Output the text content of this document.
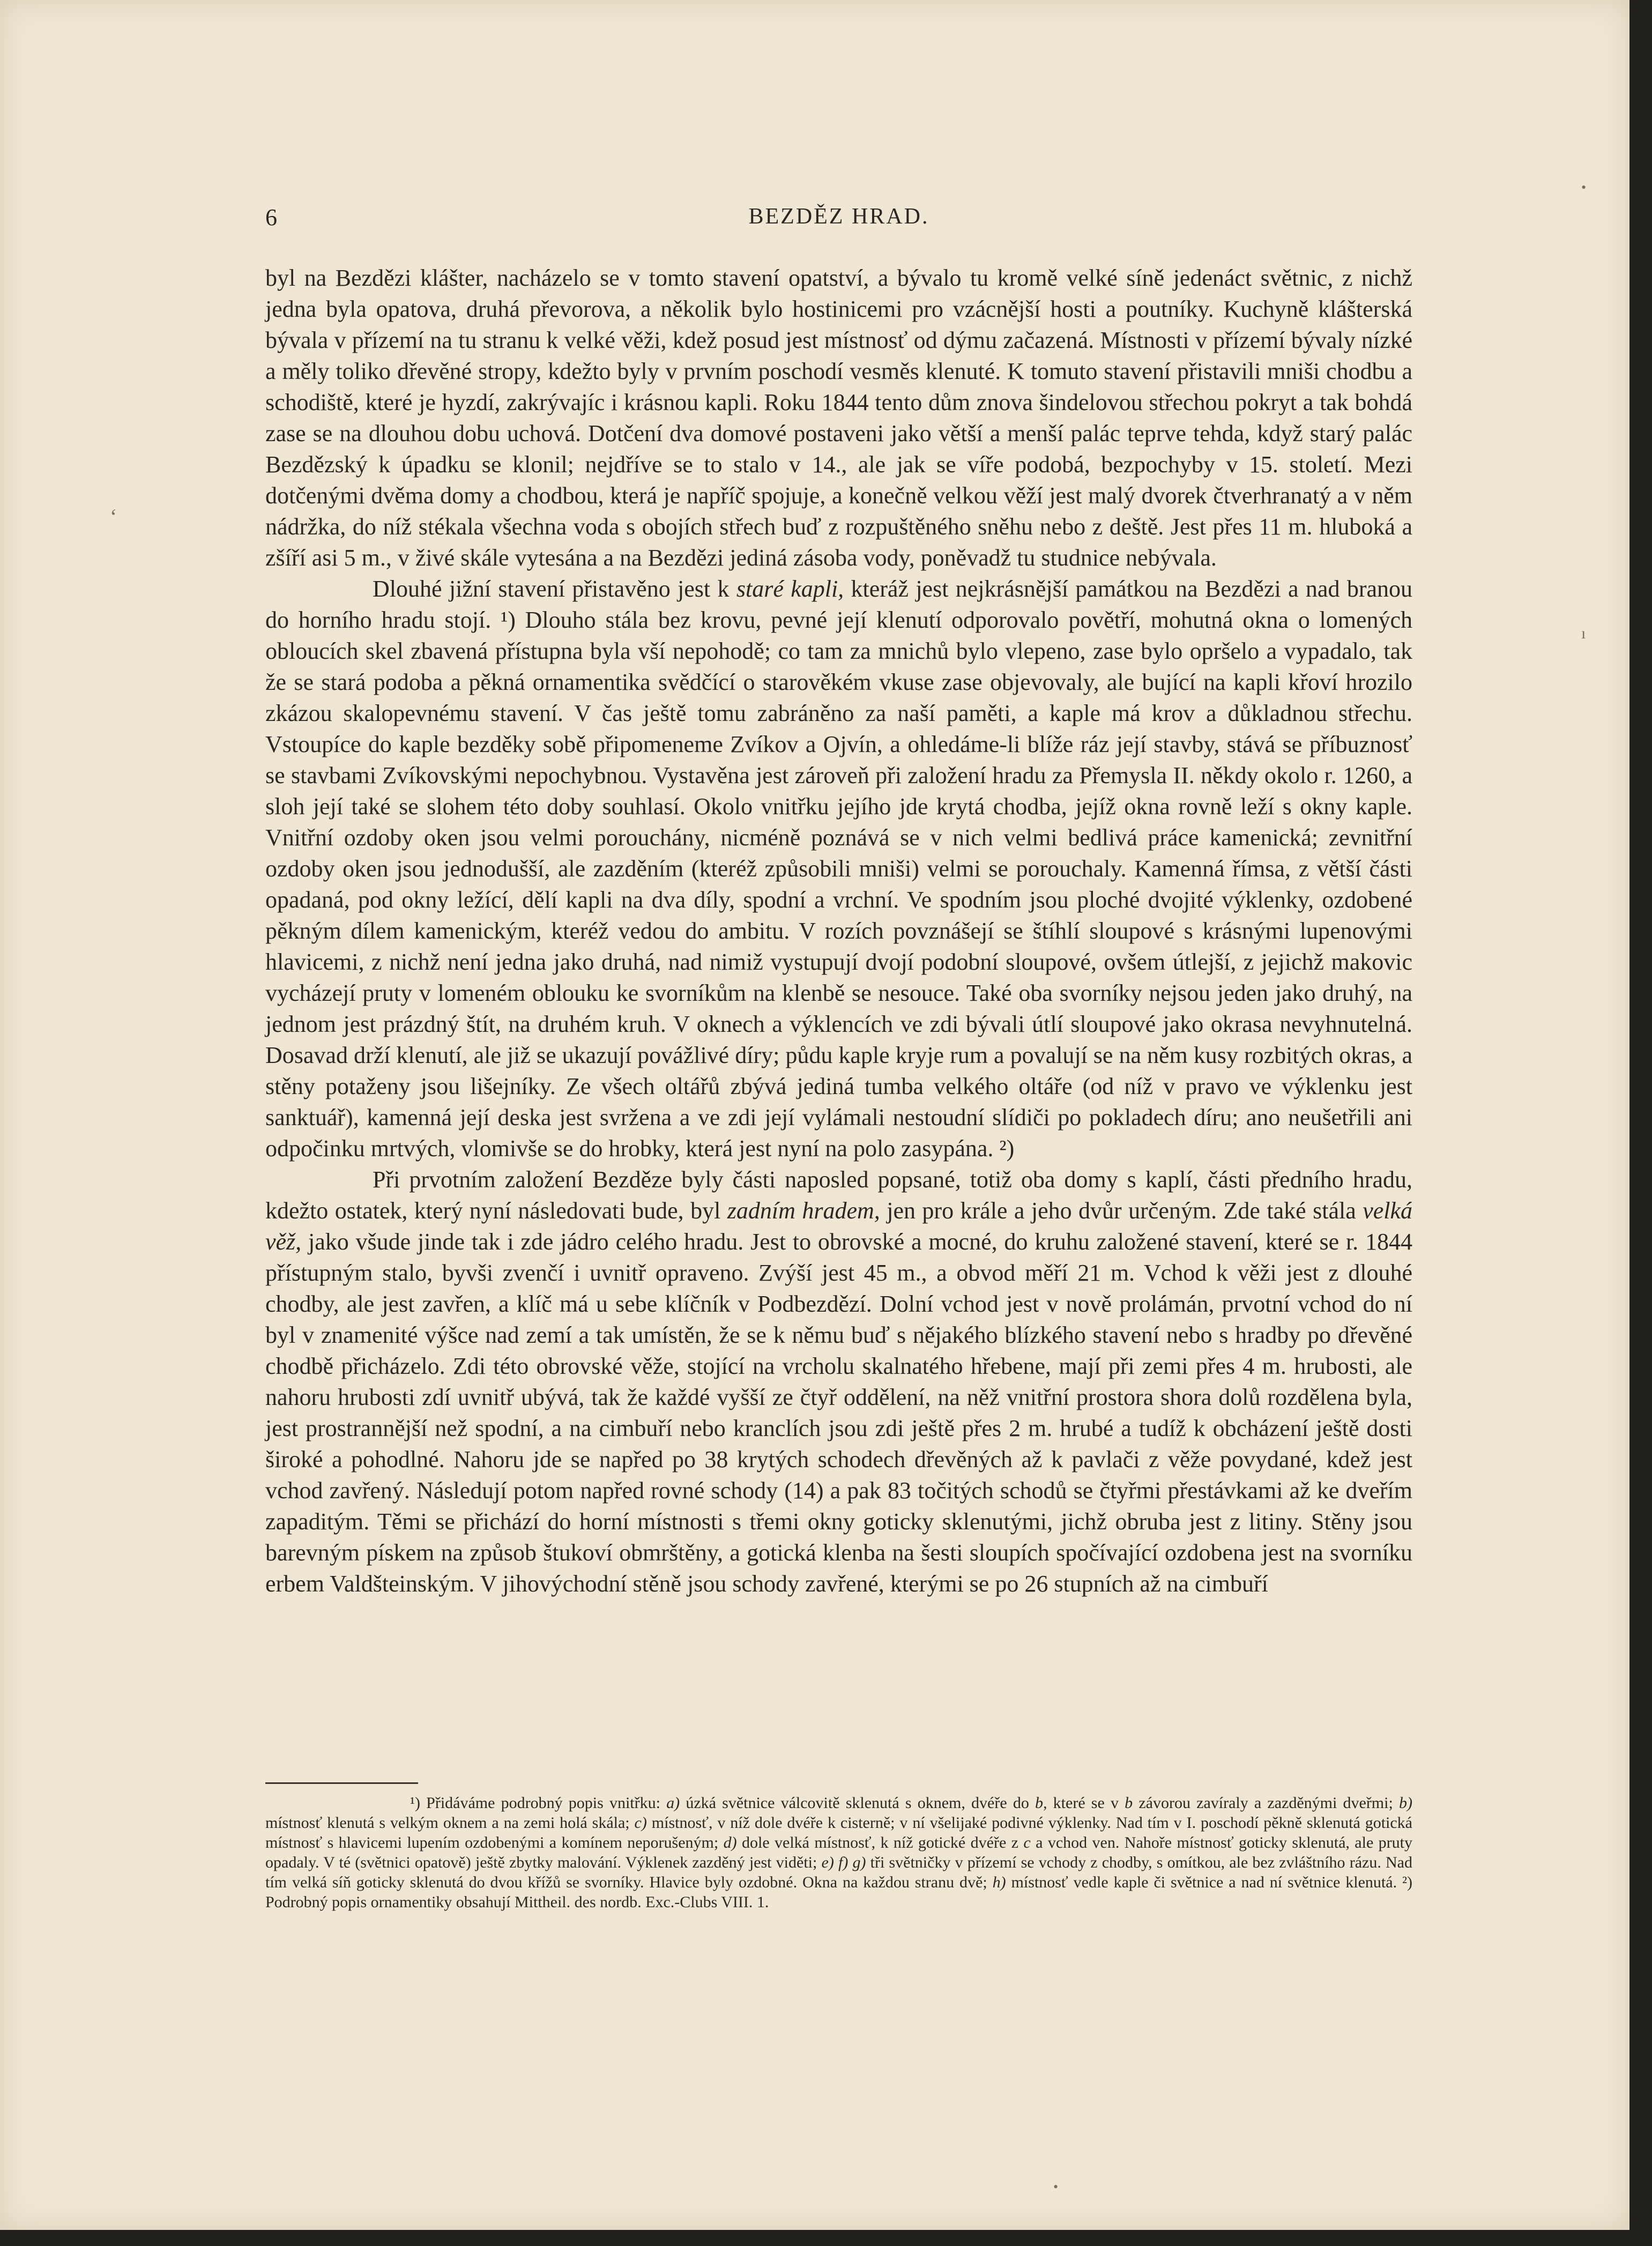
6	BEZDĚZ HRAD.

byl na Bezdězi klášter, nacházelo se v tomto stavení opatství, a bývalo tu kromě velké síně jedenáct světnic, z nichž jedna byla opatova, druhá převorova, a několik bylo hostinicemi pro vzácnější hosti a poutníky. Kuchyně klášterská bývala v přízemí na tu stranu k velké věži, kdež posud jest místnosť od dýmu začazená. Místnosti v přízemí bývaly nízké a měly toliko dřevěné stropy, kdežto byly v prvním poschodí vesměs klenuté. K tomuto stavení přistavili mniši chodbu a schodiště, které je hyzdí, zakrývajíc i krásnou kapli. Roku 1844 tento dům znova šindelovou střechou pokryt a tak bohdá zase se na dlouhou dobu uchová. Dotčení dva domové postaveni jako větší a menší palác teprve tehda, když starý palác Bezdězský k úpadku se klonil; nejdříve se to stalo v 14., ale jak se víře podobá, bezpochyby v 15. století. Mezi dotčenými dvěma domy a chodbou, která je napříč spojuje, a konečně velkou věží jest malý dvorek čtverhranatý a v něm nádržka, do níž stékala všechna voda s obojích střech buď z rozpuštěného sněhu nebo z deště. Jest přes 11 m. hluboká a zšíří asi 5 m., v živé skále vytesána a na Bezdězi jediná zásoba vody, poněvadž tu studnice nebývala.

Dlouhé jižní stavení přistavěno jest k staré kapli, kteráž jest nejkrásnější památkou na Bezdězi a nad branou do horního hradu stojí. ¹) Dlouho stála bez krovu, pevné její klenutí odporovalo povětří, mohutná okna o lomených obloucích skel zbavená přístupna byla vší nepohodě; co tam za mnichů bylo vlepeno, zase bylo opršelo a vypadalo, tak že se stará podoba a pěkná ornamentika svědčící o starověkém vkuse zase objevovaly, ale bující na kapli křoví hrozilo zkázou skalopevnému stavení. V čas ještě tomu zabráněno za naší paměti, a kaple má krov a důkladnou střechu. Vstoupíce do kaple bezděky sobě připomeneme Zvíkov a Ojvín, a ohledáme-li blíže ráz její stavby, stává se příbuznosť se stavbami Zvíkovskými nepochybnou. Vystavěna jest zároveň při založení hradu za Přemysla II. někdy okolo r. 1260, a sloh její také se slohem této doby souhlasí. Okolo vnitřku jejího jde krytá chodba, jejíž okna rovně leží s okny kaple. Vnitřní ozdoby oken jsou velmi porouchány, nicméně poznává se v nich velmi bedlivá práce kamenická; zevnitřní ozdoby oken jsou jednodušší, ale zazděním (kteréž způsobili mniši) velmi se porouchaly. Kamenná římsa, z větší části opadaná, pod okny ležící, dělí kapli na dva díly, spodní a vrchní. Ve spodním jsou ploché dvojité výklenky, ozdobené pěkným dílem kamenickým, kteréž vedou do ambitu. V rozích povznášejí se štíhlí sloupové s krásnými lupenovými hlavicemi, z nichž není jedna jako druhá, nad nimiž vystupují dvojí podobní sloupové, ovšem útlejší, z jejichž makovic vycházejí pruty v lomeném oblouku ke svorníkům na klenbě se nesouce. Také oba svorníky nejsou jeden jako druhý, na jednom jest prázdný štít, na druhém kruh. V oknech a výklencích ve zdi bývali útlí sloupové jako okrasa nevyhnutelná. Dosavad drží klenutí, ale již se ukazují povážlivé díry; půdu kaple kryje rum a povalují se na něm kusy rozbitých okras, a stěny potaženy jsou lišejníky. Ze všech oltářů zbývá jediná tumba velkého oltáře (od níž v pravo ve výklenku jest sanktuář), kamenná její deska jest svržena a ve zdi její vylámali nestoudní slídiči po pokladech díru; ano neušetřili ani odpočinku mrtvých, vlomivše se do hrobky, která jest nyní na polo zasypána. ²)

Při prvotním založení Bezděze byly části naposled popsané, totiž oba domy s kaplí, části předního hradu, kdežto ostatek, který nyní následovati bude, byl zadním hradem, jen pro krále a jeho dvůr určeným. Zde také stála velká věž, jako všude jinde tak i zde jádro celého hradu. Jest to obrovské a mocné, do kruhu založené stavení, které se r. 1844 přístupným stalo, byvši zvenčí i uvnitř opraveno. Zvýší jest 45 m., a obvod měří 21 m. Vchod k věži jest z dlouhé chodby, ale jest zavřen, a klíč má u sebe klíčník v Podbezdězí. Dolní vchod jest v nově prolámán, prvotní vchod do ní byl v znamenité výšce nad zemí a tak umístěn, že se k němu buď s nějakého blízkého stavení nebo s hradby po dřevěné chodbě přicházelo. Zdi této obrovské věže, stojící na vrcholu skalnatého hřebene, mají při zemi přes 4 m. hrubosti, ale nahoru hrubosti zdí uvnitř ubývá, tak že každé vyšší ze čtyř oddělení, na něž vnitřní prostora shora dolů rozdělena byla, jest prostrannější než spodní, a na cimbuří nebo kranclích jsou zdi ještě přes 2 m. hrubé a tudíž k obcházení ještě dosti široké a pohodlné. Nahoru jde se napřed po 38 krytých schodech dřevěných až k pavlači z věže povydané, kdež jest vchod zavřený. Následují potom napřed rovné schody (14) a pak 83 točitých schodů se čtyřmi přestávkami až ke dveřím zapaditým. Těmi se přichází do horní místnosti s třemi okny goticky sklenutými, jichž obruba jest z litiny. Stěny jsou barevným pískem na způsob štukoví obmrštěny, a gotická klenba na šesti sloupích spočívající ozdobena jest na svorníku erbem Valdšteinským. V jihovýchodní stěně jsou schody zavřené, kterými se po 26 stupních až na cimbuří

¹) Přidáváme podrobný popis vnitřku: a) úzká světnice válcovitě sklenutá s oknem, dvéře do b, které se v b závorou zavíraly a zazděnými dveřmi; b) místnosť klenutá s velkým oknem a na zemi holá skála; c) místnosť, v níž dole dvéře k cisterně; v ní všelijaké podivné výklenky. Nad tím v I. poschodí pěkně sklenutá gotická místnosť s hlavicemi lupením ozdobenými a komínem neporušeným; d) dole velká místnosť, k níž gotické dvéře z c a vchod ven. Nahoře místnosť goticky sklenutá, ale pruty opadaly. V té (světnici opatově) ještě zbytky malování. Výklenek zazděný jest viděti; e) f) g) tři světničky v přízemí se vchody z chodby, s omítkou, ale bez zvláštního rázu. Nad tím velká síň goticky sklenutá do dvou křížů se svorníky. Hlavice byly ozdobné. Okna na každou stranu dvě; h) místnosť vedle kaple či světnice a nad ní světnice klenutá. ²) Podrobný popis ornamentiky obsahují Mittheil. des nordb. Exc.-Clubs VIII. 1.

‘
•
ı
•
